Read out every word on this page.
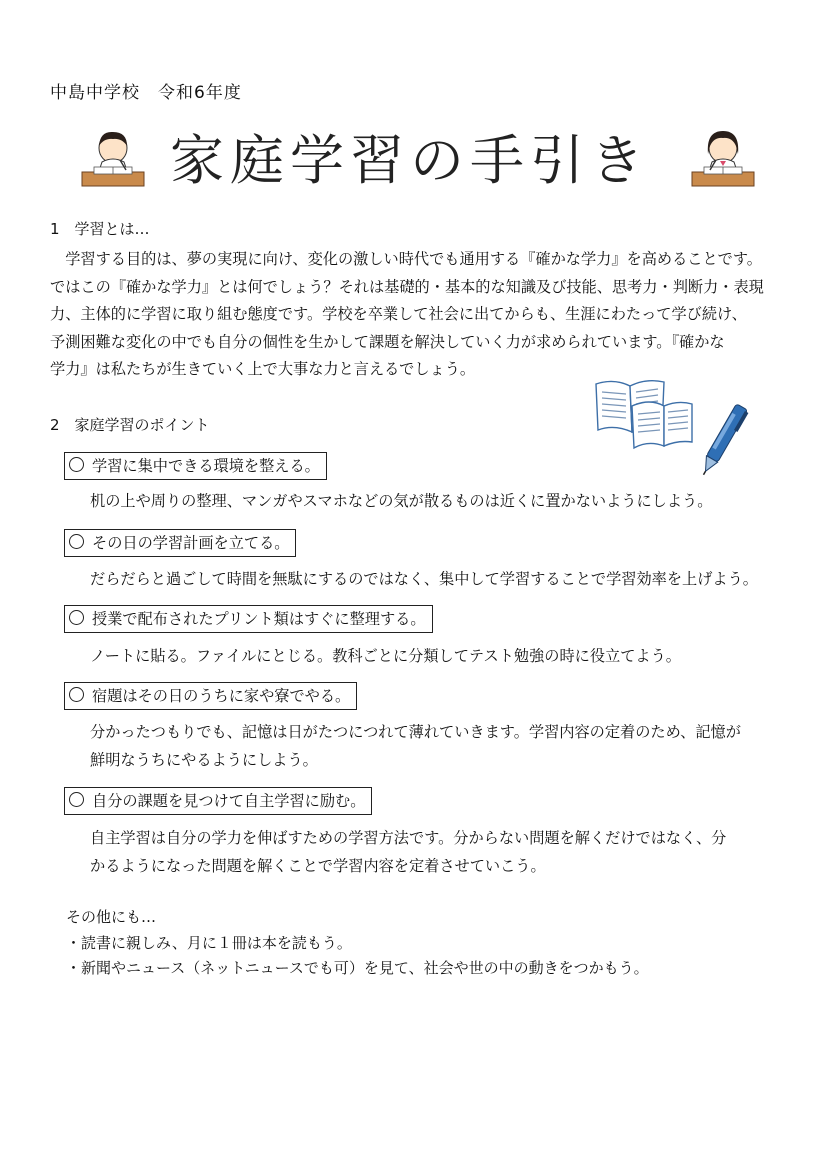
中島中学校　令和6年度
家庭学習の手引き
1　学習とは…

　学習する目的は、夢の実現に向け、変化の激しい時代でも通用する『確かな学力』を高めることです。

ではこの『確かな学力』とは何でしょう？それは基礎的・基本的な知識及び技能、思考力・判断力・表現

力、主体的に学習に取り組む態度です。学校を卒業して社会に出てからも、生涯にわたって学び続け、

予測困難な変化の中でも自分の個性を生かして課題を解決していく力が求められています。『確かな

学力』は私たちが生きていく上で大事な力と言えるでしょう。

2　家庭学習のポイント
学習に集中できる環境を整える。
机の上や周りの整理、マンガやスマホなどの気が散るものは近くに置かないようにしよう。
その日の学習計画を立てる。
だらだらと過ごして時間を無駄にするのではなく、集中して学習することで学習効率を上げよう。
授業で配布されたプリント類はすぐに整理する。
ノートに貼る。ファイルにとじる。教科ごとに分類してテスト勉強の時に役立てよう。
宿題はその日のうちに家や寮でやる。
分かったつもりでも、記憶は日がたつにつれて薄れていきます。学習内容の定着のため、記憶が
鮮明なうちにやるようにしよう。
自分の課題を見つけて自主学習に励む。
自主学習は自分の学力を伸ばすための学習方法です。分からない問題を解くだけではなく、分
かるようになった問題を解くことで学習内容を定着させていこう。
その他にも…
・読書に親しみ、月に１冊は本を読もう。
・新聞やニュース（ネットニュースでも可）を見て、社会や世の中の動きをつかもう。
